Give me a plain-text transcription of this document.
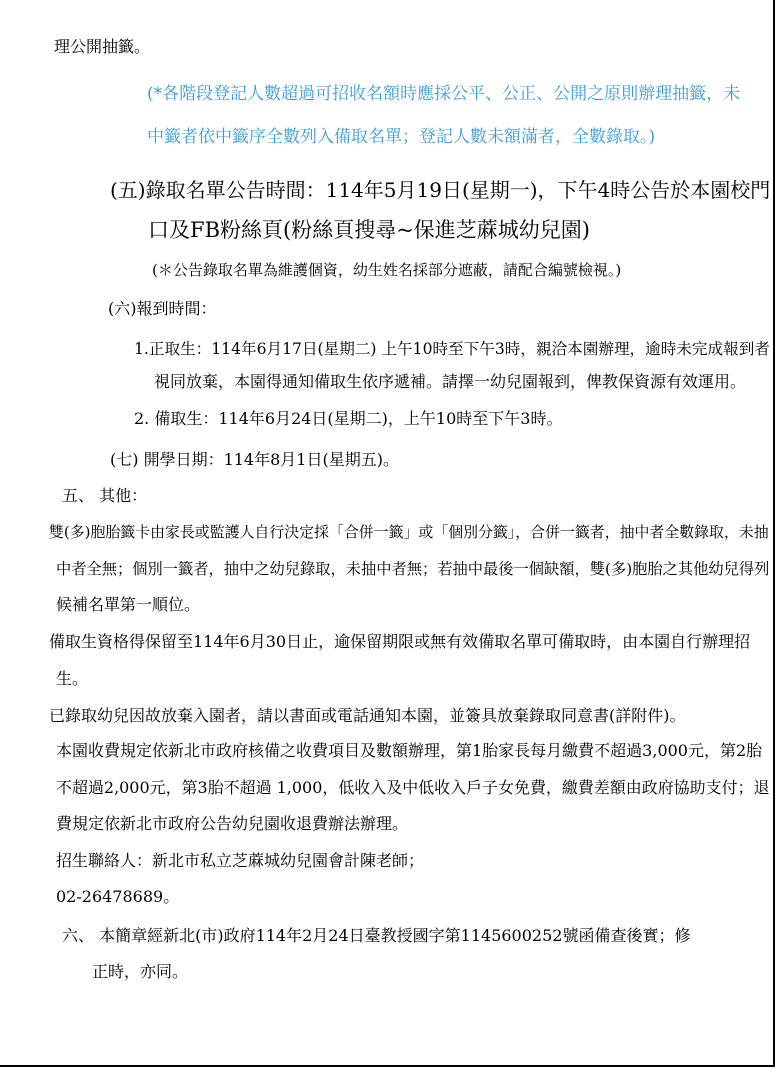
理公開抽籤。
(*各階段登記人數超過可招收名額時應採公平、公正、公開之原則辦理抽籤，未
中籤者依中籤序全數列入備取名單；登記人數未額滿者，全數錄取。)
(五)錄取名單公告時間：114年5月19日(星期一)，下午4時公告於本園校門
口及FB粉絲頁(粉絲頁搜尋~保進芝蔴城幼兒園)
(＊公告錄取名單為維護個資，幼生姓名採部分遮蔽，請配合編號檢視。)
(六)報到時間：
1.正取生：114年6月17日(星期二) 上午10時至下午3時，親洽本園辦理，逾時未完成報到者
視同放棄，本園得通知備取生依序遞補。請擇一幼兒園報到，俾教保資源有效運用。
2. 備取生：114年6月24日(星期二)，上午10時至下午3時。
(七) 開學日期：114年8月1日(星期五)。
五、 其他：
雙(多)胞胎籤卡由家長或監護人自行決定採「合併一籤」或「個別分籤」，合併一籤者，抽中者全數錄取，未抽
中者全無；個別一籤者，抽中之幼兒錄取，未抽中者無；若抽中最後一個缺額，雙(多)胞胎之其他幼兒得列
候補名單第一順位。
備取生資格得保留至114年6月30日止，逾保留期限或無有效備取名單可備取時，由本園自行辦理招
生。
已錄取幼兒因故放棄入園者，請以書面或電話通知本園，並簽具放棄錄取同意書(詳附件)。
本園收費規定依新北市政府核備之收費項目及數額辦理，第1胎家長每月繳費不超過3,000元，第2胎
不超過2,000元，第3胎不超過 1,000，低收入及中低收入戶子女免費，繳費差額由政府協助支付；退
費規定依新北市政府公告幼兒園收退費辦法辦理。
招生聯絡人：新北市私立芝蔴城幼兒園會計陳老師；
02-26478689。
六、 本簡章經新北(市)政府114年2月24日臺教授國字第1145600252號函備查後實；修
正時，亦同。
